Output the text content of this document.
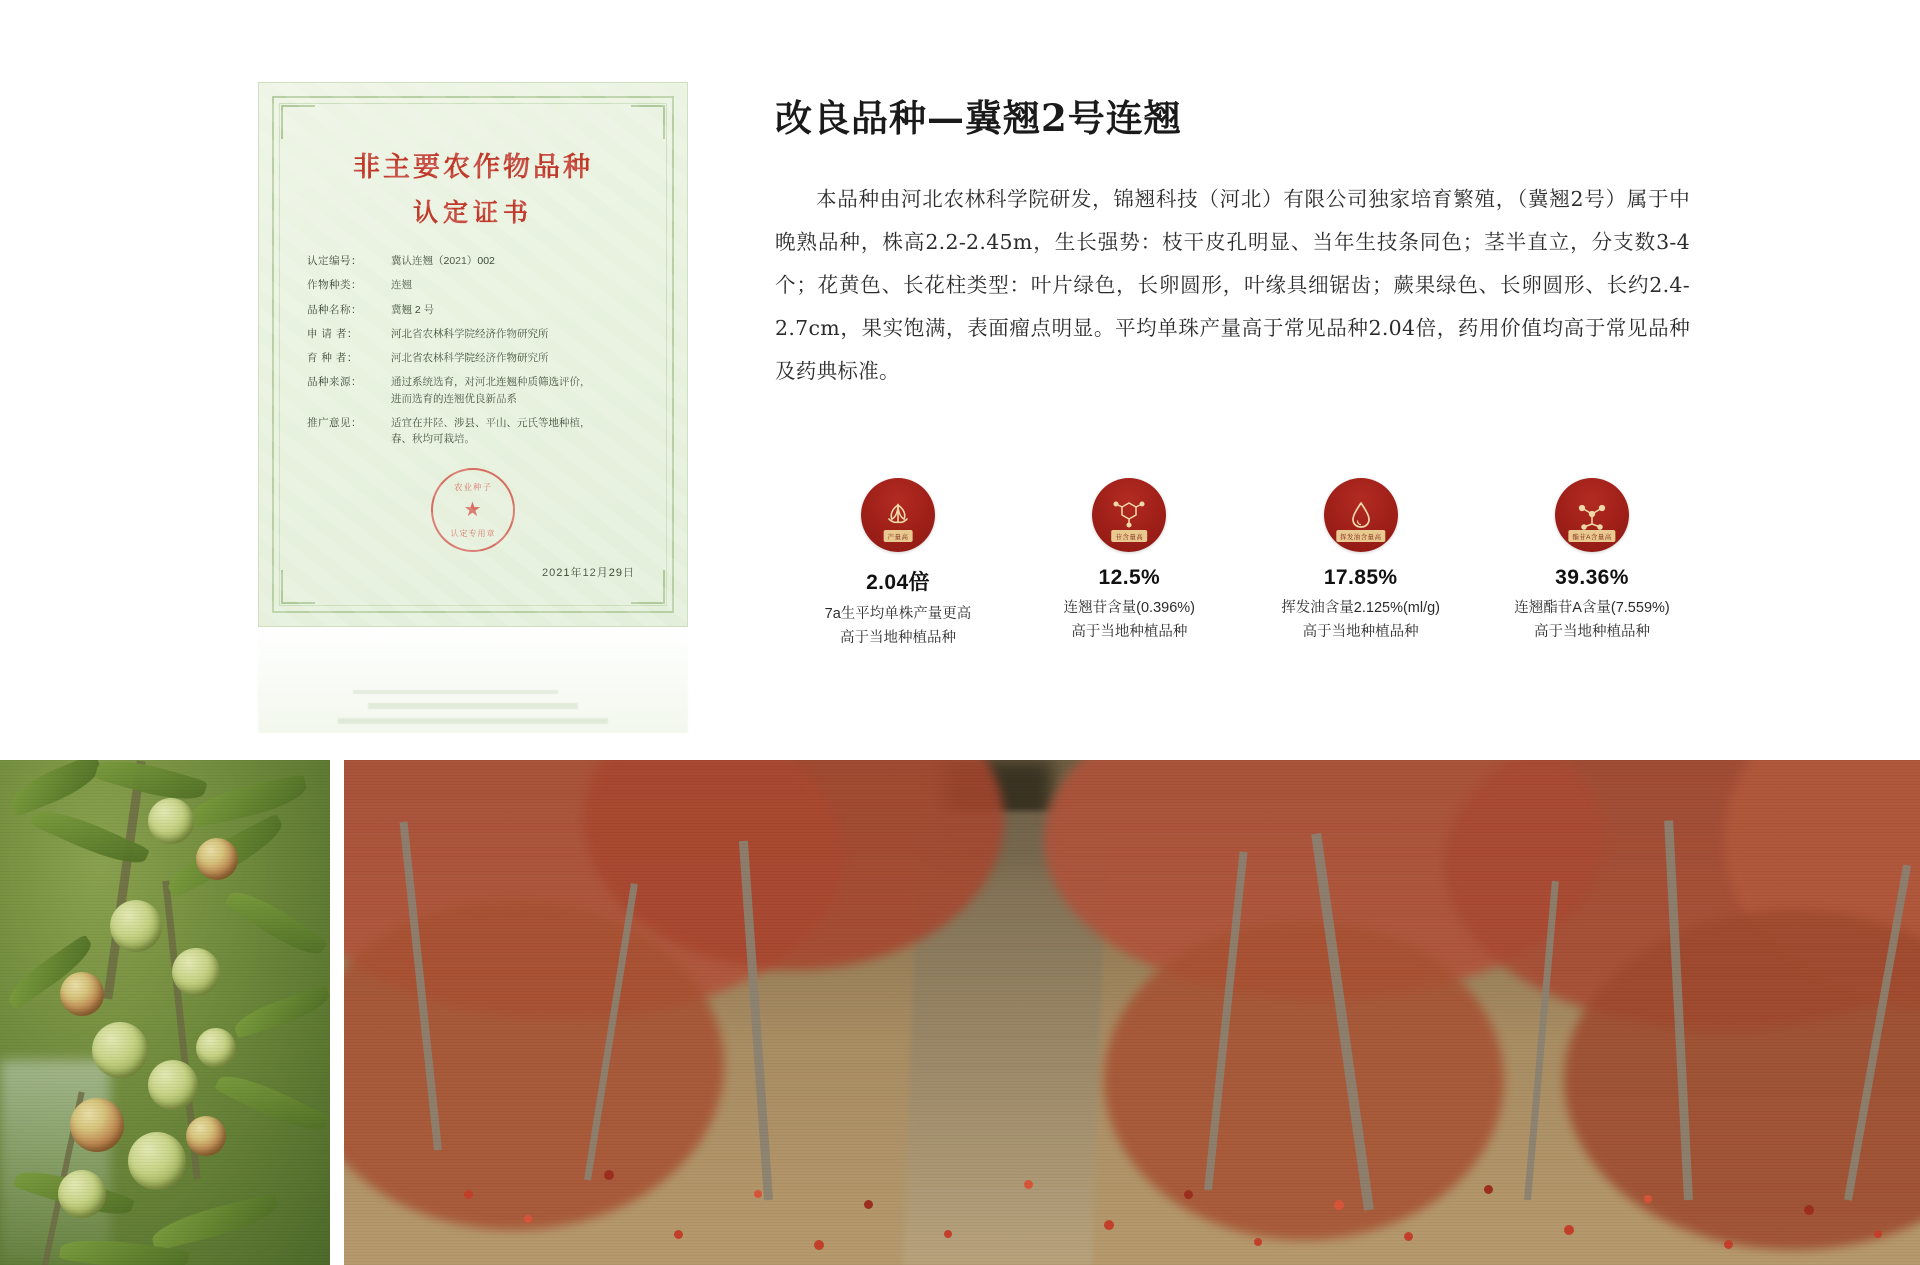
非主要农作物品种
认定证书
认定编号：	冀认连翘（2021）002
作物种类：	连翘
品种名称：	冀翘 2 号
申 请 者：	河北省农林科学院经济作物研究所
育 种 者：	河北省农林科学院经济作物研究所
品种来源：	通过系统选育，对河北连翘种质筛选评价，
进而选育的连翘优良新品系
推广意见：	适宜在井陉、涉县、平山、元氏等地种植，
春、秋均可栽培。
农业种子
★
认定专用章
2021年12月29日
改良品种—冀翘2号连翘

本品种由河北农林科学院研发，锦翘科技（河北）有限公司独家培育繁殖，（冀翘2号）属于中晚熟品种，株高2.2-2.45m，生长强势：枝干皮孔明显、当年生技条同色；茎半直立，分支数3-4个；花黄色、长花柱类型：叶片绿色，长卵圆形，叶缘具细锯齿；蕨果绿色、长卵圆形、长约2.4-2.7cm，果实饱满，表面瘤点明显。平均单珠产量高于常见品种2.04倍，药用价值均高于常见品种及药典标准。

产量高
2.04倍
7a生平均单株产量更高
高于当地种植品种
苷含量高
12.5%
连翘苷含量(0.396%)
高于当地种植品种
挥发油含量高
17.85%
挥发油含量2.125%(ml/g)
高于当地种植品种
酯苷A含量高
39.36%
连翘酯苷A含量(7.559%)
高于当地种植品种
